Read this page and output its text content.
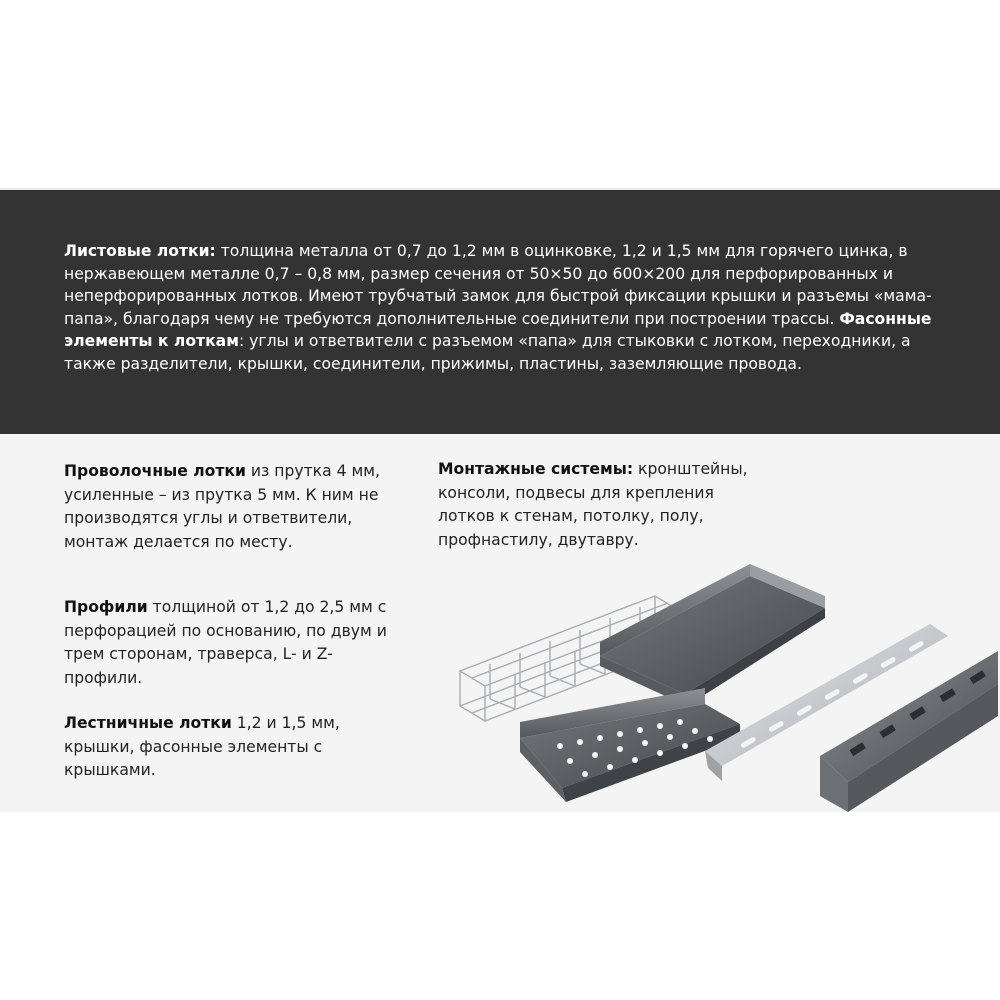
Листовые лотки: толщина металла от 0,7 до 1,2 мм в оцинковке, 1,2 и 1,5 мм для горячего цинка, в нержавеющем металле 0,7 – 0,8 мм, размер сечения от 50×50 до 600×200 для перфорированных и неперфорированных лотков. Имеют трубчатый замок для быстрой фиксации крышки и разъемы «мама-папа», благодаря чему не требуются дополнительные соединители при построении трассы. Фасонные элементы к лоткам: углы и ответвители с разъемом «папа» для стыковки с лотком, переходники, а также разделители, крышки, соединители, прижимы, пластины, заземляющие провода.

Проволочные лотки из прутка 4 мм, усиленные – из прутка 5 мм. К ним не производятся углы и ответвители, монтаж делается по месту.

Монтажные системы: кронштейны, консоли, подвесы для крепления лотков к стенам, потолку, полу, профнастилу, двутавру.

Профили толщиной от 1,2 до 2,5 мм с перфорацией по основанию, по двум и трем сторонам, траверса, L- и Z- профили.

Лестничные лотки 1,2 и 1,5 мм, крышки, фасонные элементы с крышками.
